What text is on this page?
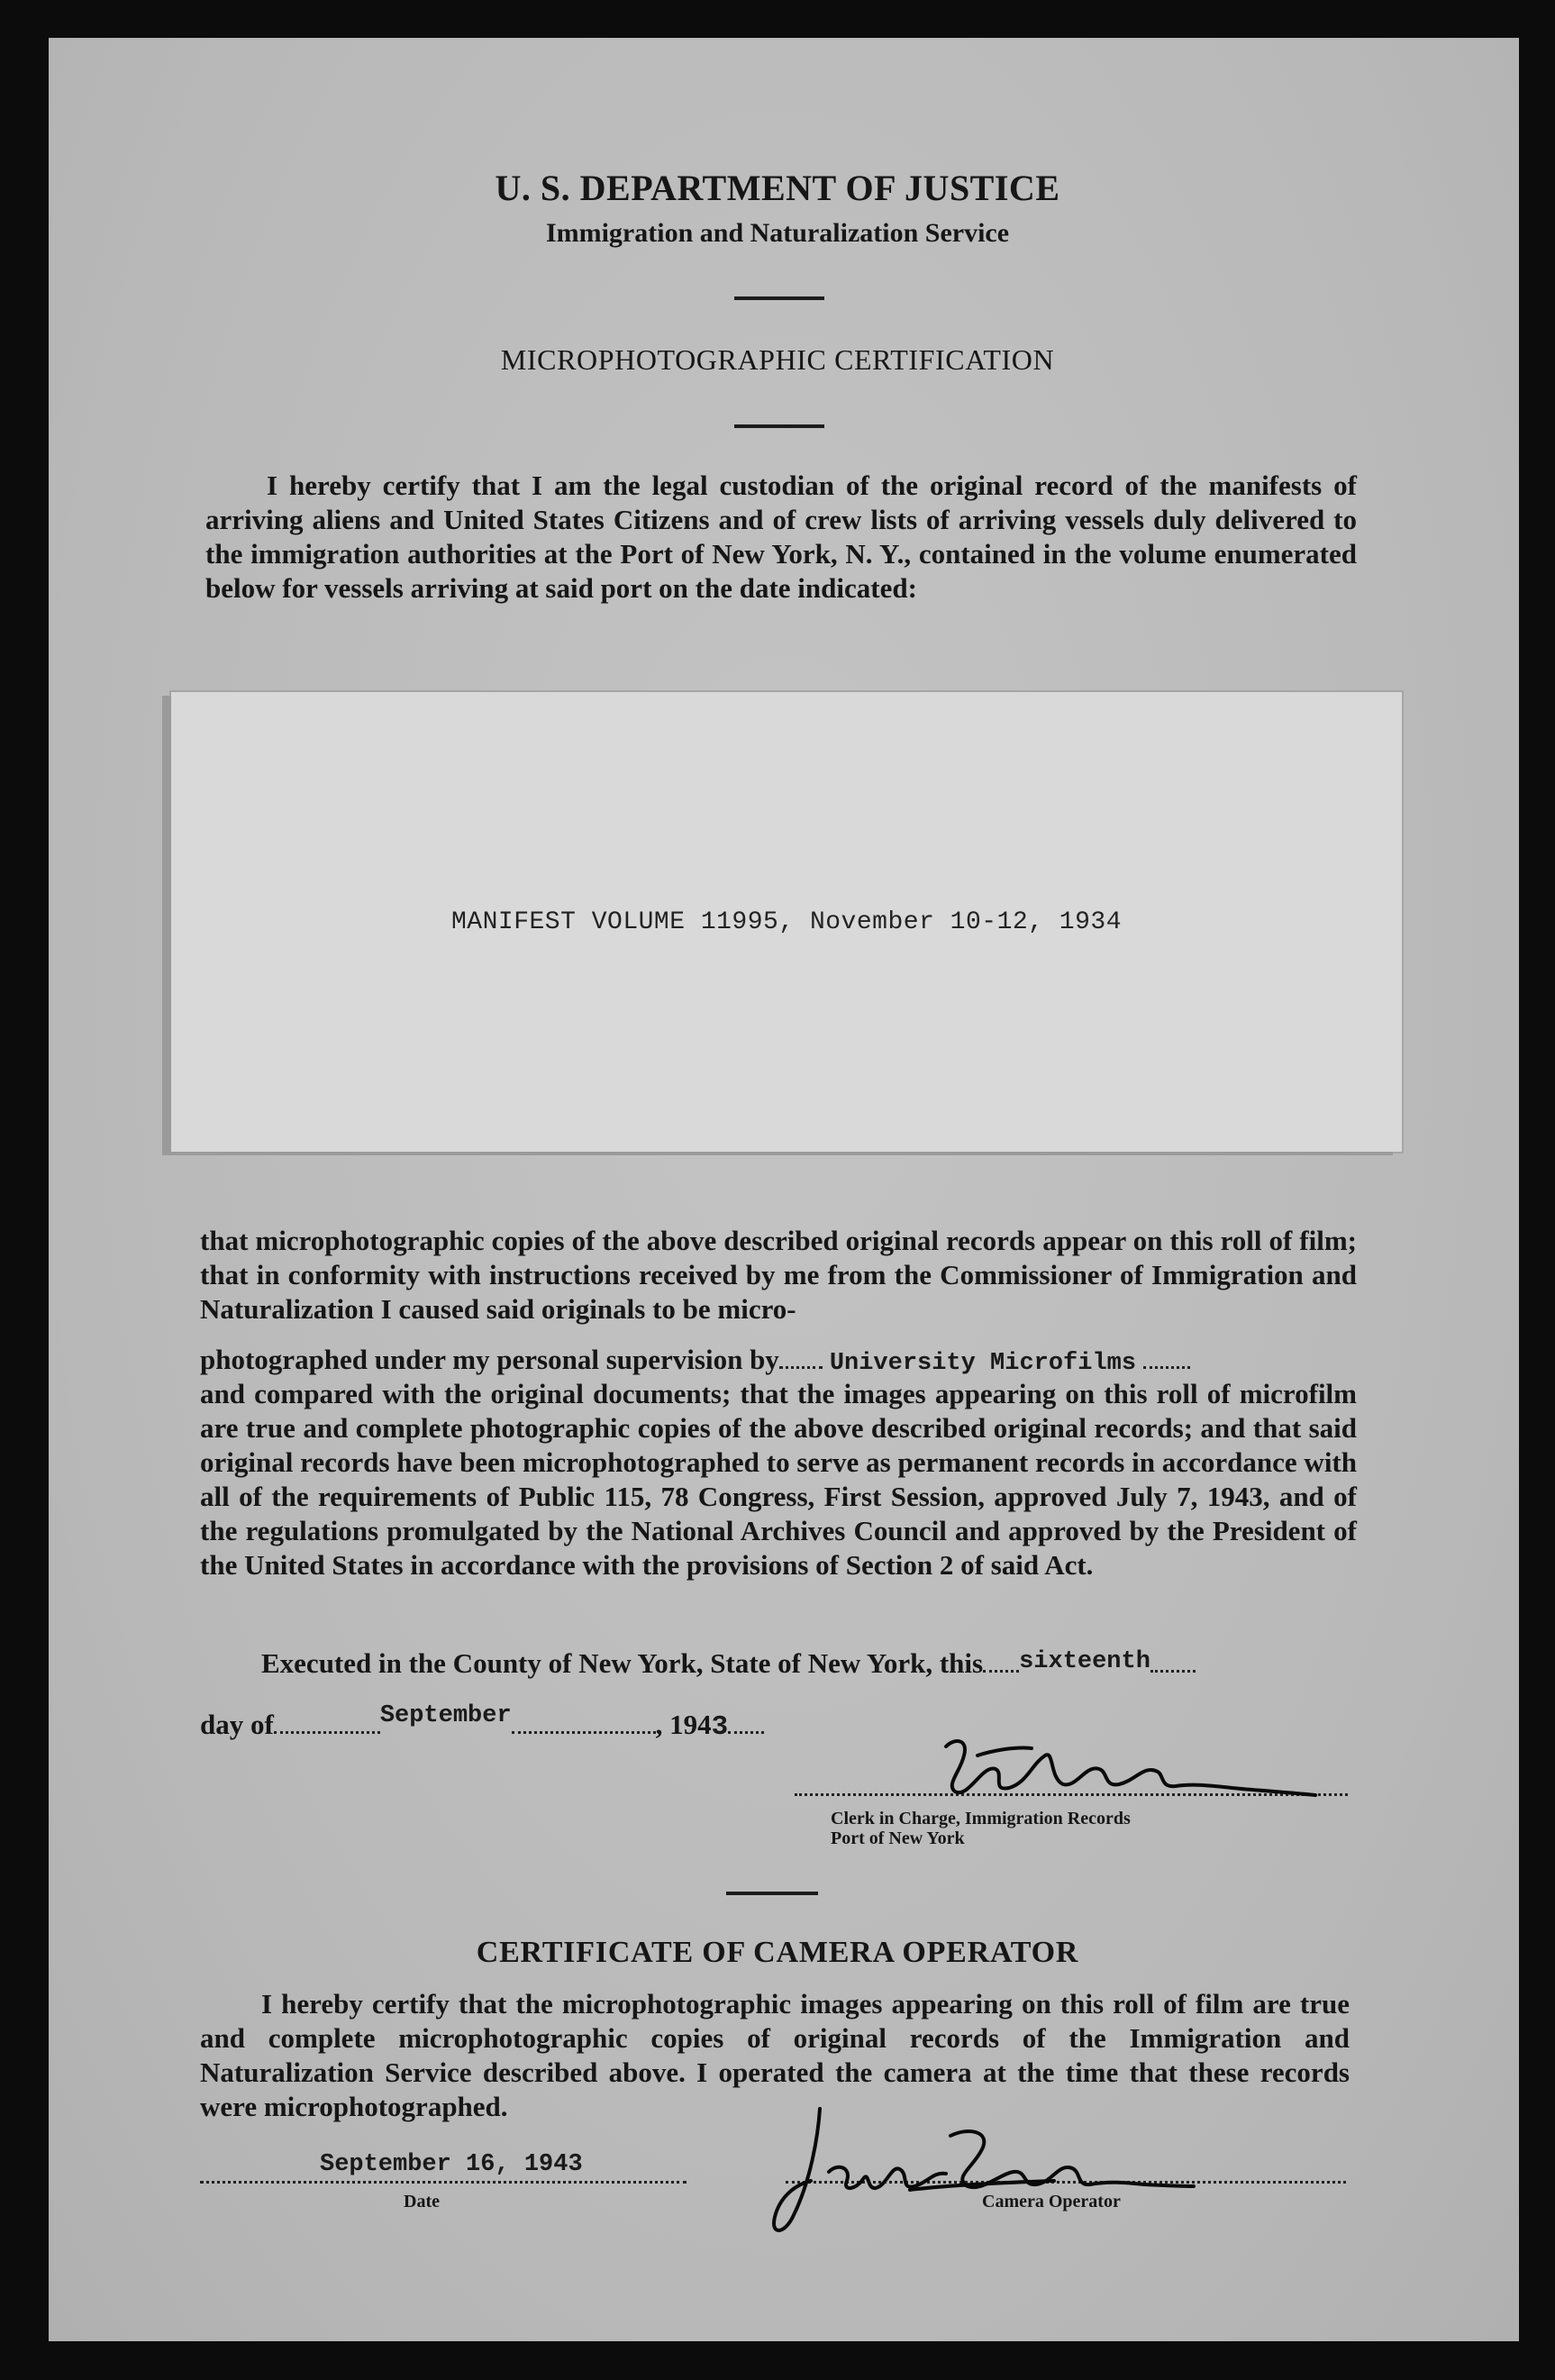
U. S. DEPARTMENT OF JUSTICE
Immigration and Naturalization Service
MICROPHOTOGRAPHIC CERTIFICATION

I hereby certify that I am the legal custodian of the original record of the manifests of arriving aliens and United States Citizens and of crew lists of arriving vessels duly delivered to the immigration authorities at the Port of New York, N. Y., contained in the volume enumerated below for vessels arriving at said port on the date indicated:

MANIFEST VOLUME 11995, November 10-12, 1934

that microphotographic copies of the above described original records appear on this roll of film; that in conformity with instructions received by me from the Commissioner of Immigration and Naturalization I caused said originals to be micro-

photographed under my personal supervision by University Microfilms

and compared with the original documents; that the images appearing on this roll of microfilm are true and complete photographic copies of the above described original records; and that said original records have been microphotographed to serve as permanent records in accordance with all of the requirements of Public 115, 78 Congress, First Session, approved July 7, 1943, and of the regulations promulgated by the National Archives Council and approved by the President of the United States in accordance with the provisions of Section 2 of said Act.

Executed in the County of New York, State of New York, this sixteenth
day of	September	, 1943
Clerk in Charge, Immigration Records
Port of New York
CERTIFICATE OF CAMERA OPERATOR

I hereby certify that the microphotographic images appearing on this roll of film are true and complete microphotographic copies of original records of the Immigration and Naturalization Service described above. I operated the camera at the time that these records were microphotographed.

September 16, 1943
Date	Camera Operator
